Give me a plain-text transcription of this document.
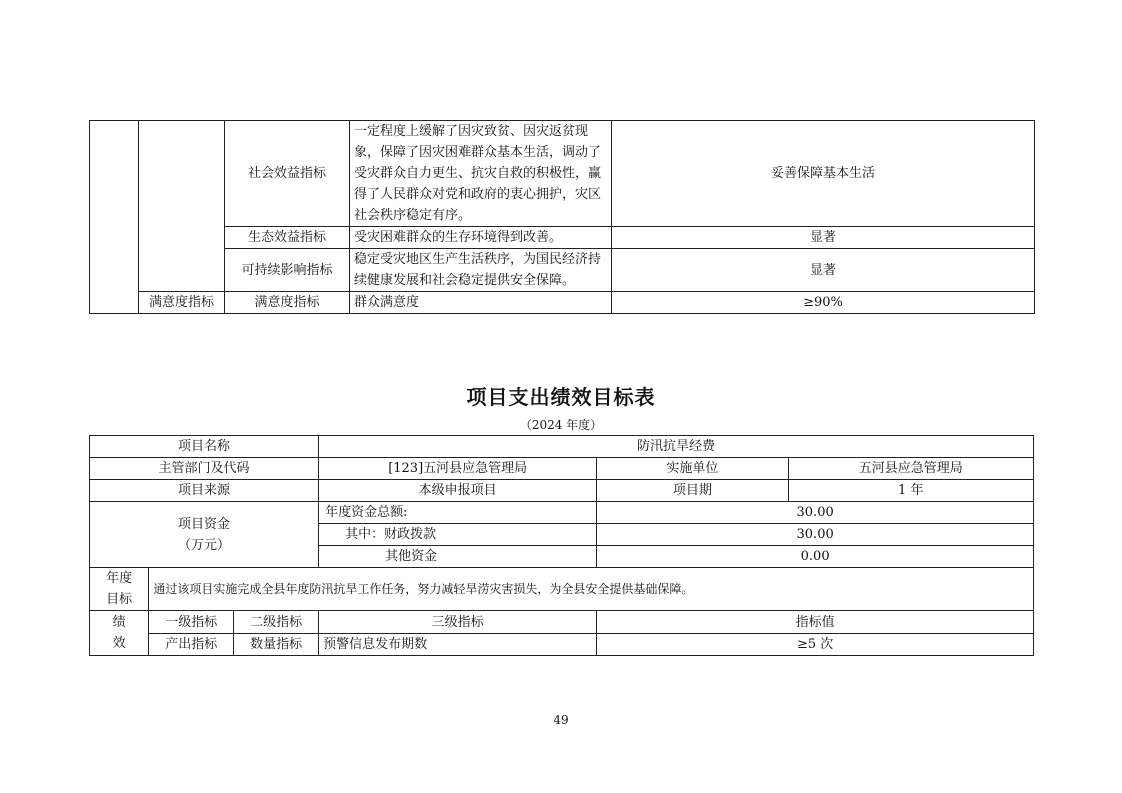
		社会效益指标	一定程度上缓解了因灾致贫、因灾返贫现象，保障了因灾困难群众基本生活，调动了受灾群众自力更生、抗灾自救的积极性，赢得了人民群众对党和政府的衷心拥护，灾区社会秩序稳定有序。	妥善保障基本生活
		生态效益指标	受灾困难群众的生存环境得到改善。	显著
		可持续影响指标	稳定受灾地区生产生活秩序，为国民经济持续健康发展和社会稳定提供安全保障。	显著
	满意度指标	满意度指标	群众满意度	≥90%
项目支出绩效目标表
（2024 年度）
项目名称			防汛抗旱经费		
主管部门及代码			[123]五河县应急管理局	实施单位	五河县应急管理局
项目来源			本级申报项目	项目期	1 年

项目资金
（万元）			年度资金总额:	30.00	
			其中：财政拨款	30.00	
			其他资金	0.00	

年度
目标	通过该项目实施完成全县年度防汛抗旱工作任务，努力减轻旱涝灾害损失，为全县安全提供基础保障。				

绩
效	一级指标	二级指标	三级指标	指标值	
	产出指标	数量指标	预警信息发布期数	≥5 次	
49
